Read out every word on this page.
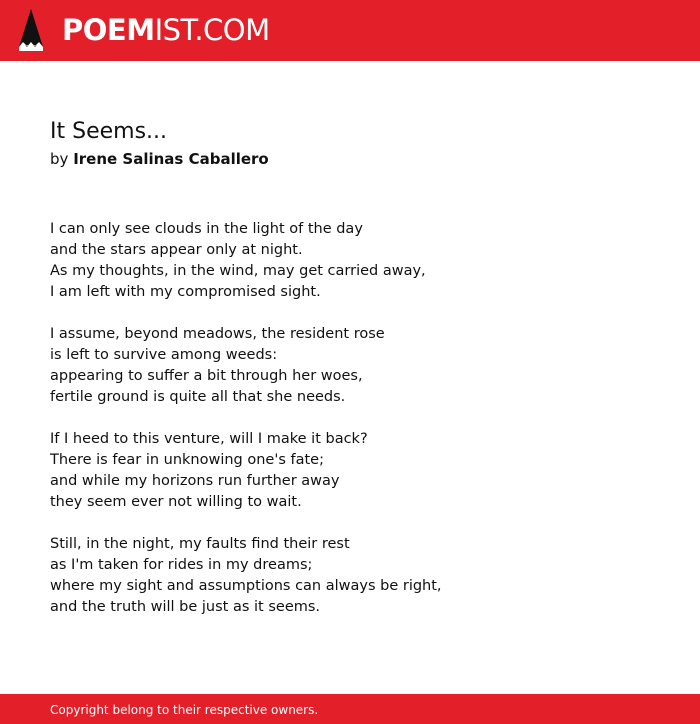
POEMIST.COM
It Seems...
by Irene Salinas Caballero
I can only see clouds in the light of the day
and the stars appear only at night.
As my thoughts, in the wind, may get carried away,
I am left with my compromised sight.
I assume, beyond meadows, the resident rose
is left to survive among weeds:
appearing to suffer a bit through her woes,
fertile ground is quite all that she needs.
If I heed to this venture, will I make it back?
There is fear in unknowing one's fate;
and while my horizons run further away
they seem ever not willing to wait.
Still, in the night, my faults find their rest
as I'm taken for rides in my dreams;
where my sight and assumptions can always be right,
and the truth will be just as it seems.
Copyright belong to their respective owners.
